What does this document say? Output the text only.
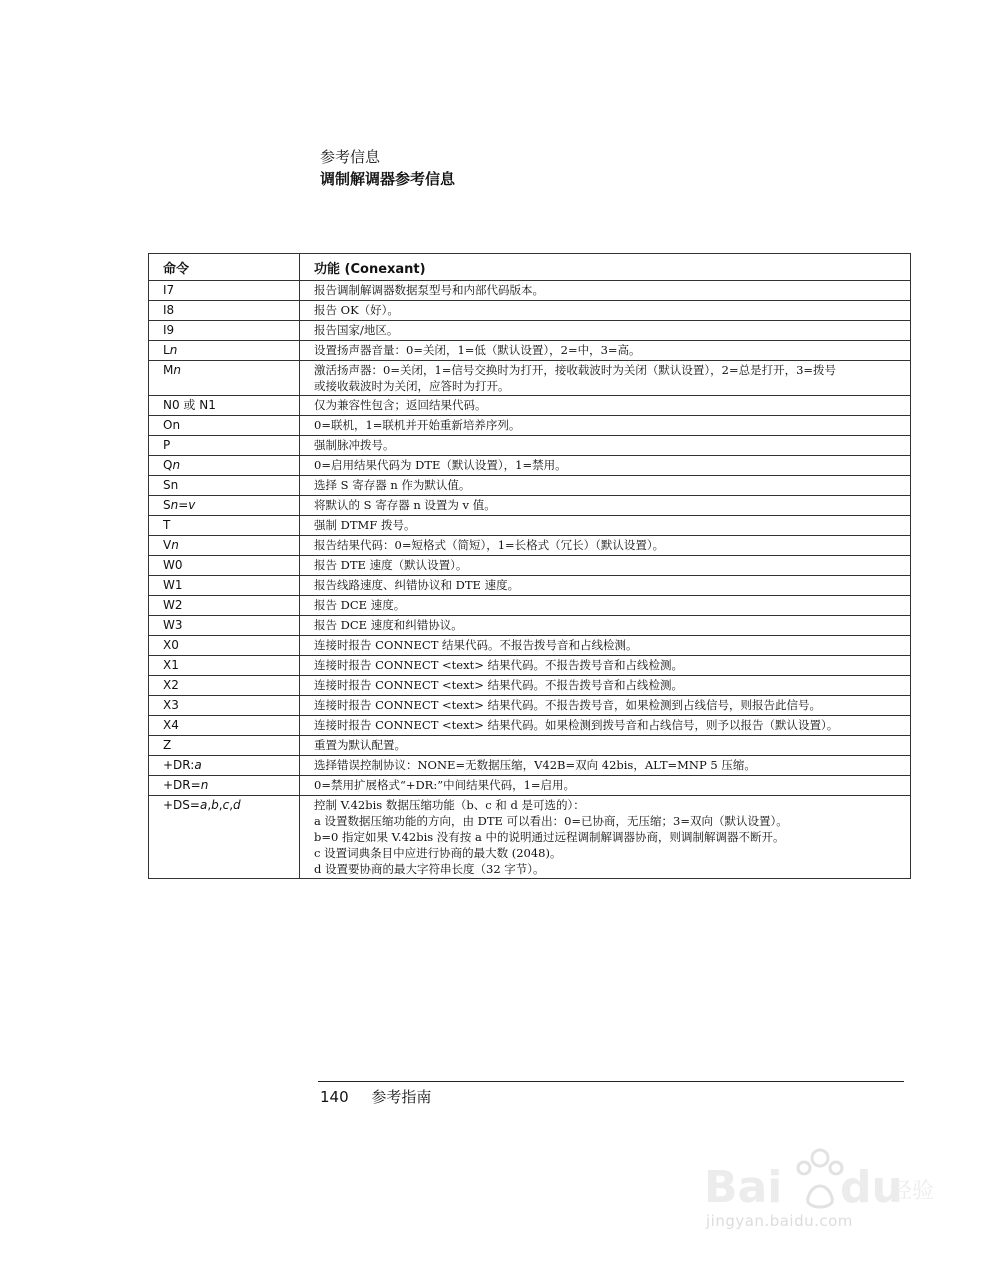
参考信息
调制解调器参考信息
命令	功能 (Conexant)
I7	报告调制解调器数据泵型号和内部代码版本。

I8	报告 OK（好）。

I9	报告国家/地区。

Ln	设置扬声器音量：0=关闭，1=低（默认设置），2=中，3=高。

Mn	激活扬声器：0=关闭，1=信号交换时为打开，接收载波时为关闭（默认设置），2=总是打开，3=拨号
或接收载波时为关闭，应答时为打开。

N0 或 N1	仅为兼容性包含；返回结果代码。

On	0=联机，1=联机并开始重新培养序列。

P	强制脉冲拨号。

Qn	0=启用结果代码为 DTE（默认设置），1=禁用。

Sn	选择 S 寄存器 n 作为默认值。

Sn=v	将默认的 S 寄存器 n 设置为 v 值。

T	强制 DTMF 拨号。

Vn	报告结果代码：0=短格式（简短），1=长格式（冗长）（默认设置）。

W0	报告 DTE 速度（默认设置）。

W1	报告线路速度、纠错协议和 DTE 速度。

W2	报告 DCE 速度。

W3	报告 DCE 速度和纠错协议。

X0	连接时报告 CONNECT 结果代码。不报告拨号音和占线检测。

X1	连接时报告 CONNECT <text> 结果代码。不报告拨号音和占线检测。

X2	连接时报告 CONNECT <text> 结果代码。不报告拨号音和占线检测。

X3	连接时报告 CONNECT <text> 结果代码。不报告拨号音，如果检测到占线信号，则报告此信号。

X4	连接时报告 CONNECT <text> 结果代码。如果检测到拨号音和占线信号，则予以报告（默认设置）。

Z	重置为默认配置。

+DR:a	选择错误控制协议：NONE=无数据压缩，V42B=双向 42bis，ALT=MNP 5 压缩。

+DR=n	0=禁用扩展格式“+DR:”中间结果代码，1=启用。

+DS=a,b,c,d	控制 V.42bis 数据压缩功能（b、c 和 d 是可选的）：
a 设置数据压缩功能的方向，由 DTE 可以看出：0=已协商，无压缩；3=双向（默认设置）。
b=0 指定如果 V.42bis 没有按 a 中的说明通过远程调制解调器协商，则调制解调器不断开。
c 设置词典条目中应进行协商的最大数 (2048)。
d 设置要协商的最大字符串长度（32 字节）。
140 参考指南
Bai du
经验
jingyan.baidu.com
